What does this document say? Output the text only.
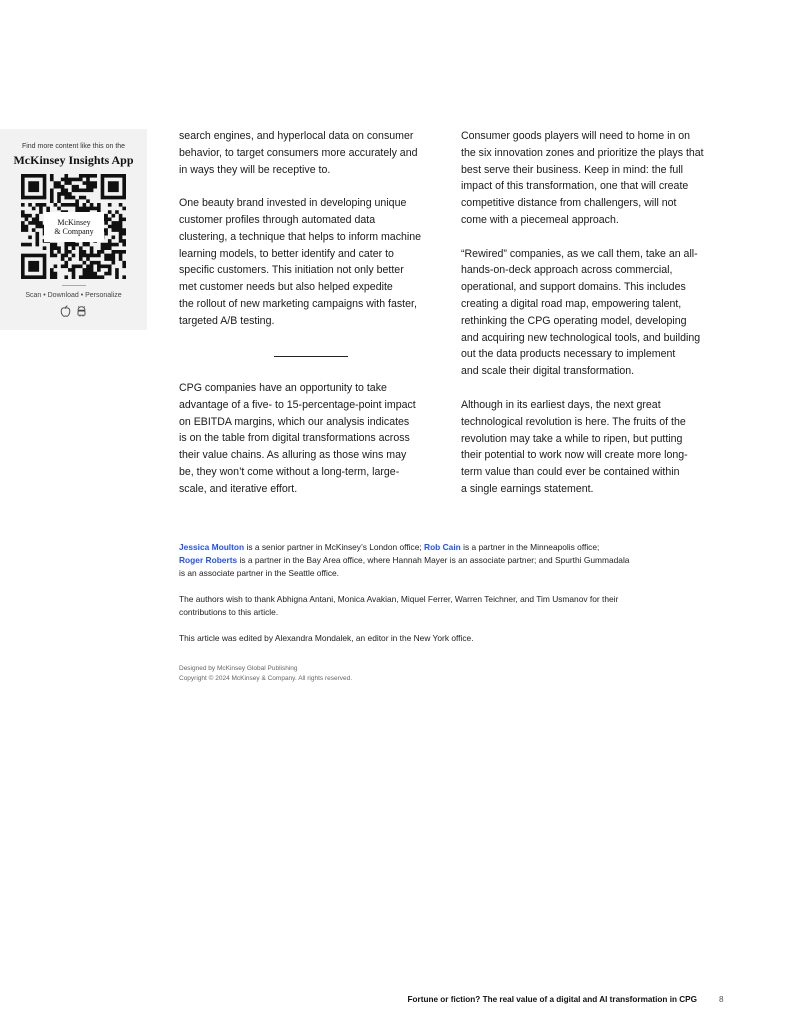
Find more content like this on the
McKinsey Insights App
McKinsey
& Company
Scan • Download • Personalize

search engines, and hyperlocal data on consumer

behavior, to target consumers more accurately and

in ways they will be receptive to.

One beauty brand invested in developing unique

customer profiles through automated data

clustering, a technique that helps to inform machine

learning models, to better identify and cater to

specific customers. This initiation not only better

met customer needs but also helped expedite

the rollout of new marketing campaigns with faster,

targeted A/B testing.

CPG companies have an opportunity to take

advantage of a five- to 15-percentage-point impact

on EBITDA margins, which our analysis indicates

is on the table from digital transformations across

their value chains. As alluring as those wins may

be, they won’t come without a long-term, large-

scale, and iterative effort.

Consumer goods players will need to home in on

the six innovation zones and prioritize the plays that

best serve their business. Keep in mind: the full

impact of this transformation, one that will create

competitive distance from challengers, will not

come with a piecemeal approach.

“Rewired” companies, as we call them, take an all-

hands-on-deck approach across commercial,

operational, and support domains. This includes

creating a digital road map, empowering talent,

rethinking the CPG operating model, developing

and acquiring new technological tools, and building

out the data products necessary to implement

and scale their digital transformation.

Although in its earliest days, the next great

technological revolution is here. The fruits of the

revolution may take a while to ripen, but putting

their potential to work now will create more long-

term value than could ever be contained within

a single earnings statement.

Jessica Moulton is a senior partner in McKinsey’s London office; Rob Cain is a partner in the Minneapolis office;

Roger Roberts is a partner in the Bay Area office, where Hannah Mayer is an associate partner; and Spurthi Gummadala

is an associate partner in the Seattle office.

The authors wish to thank Abhigna Antani, Monica Avakian, Miquel Ferrer, Warren Teichner, and Tim Usmanov for their

contributions to this article.

This article was edited by Alexandra Mondalek, an editor in the New York office.

Designed by McKinsey Global Publishing

Copyright © 2024 McKinsey & Company. All rights reserved.

Fortune or fiction? The real value of a digital and AI transformation in CPG	8
